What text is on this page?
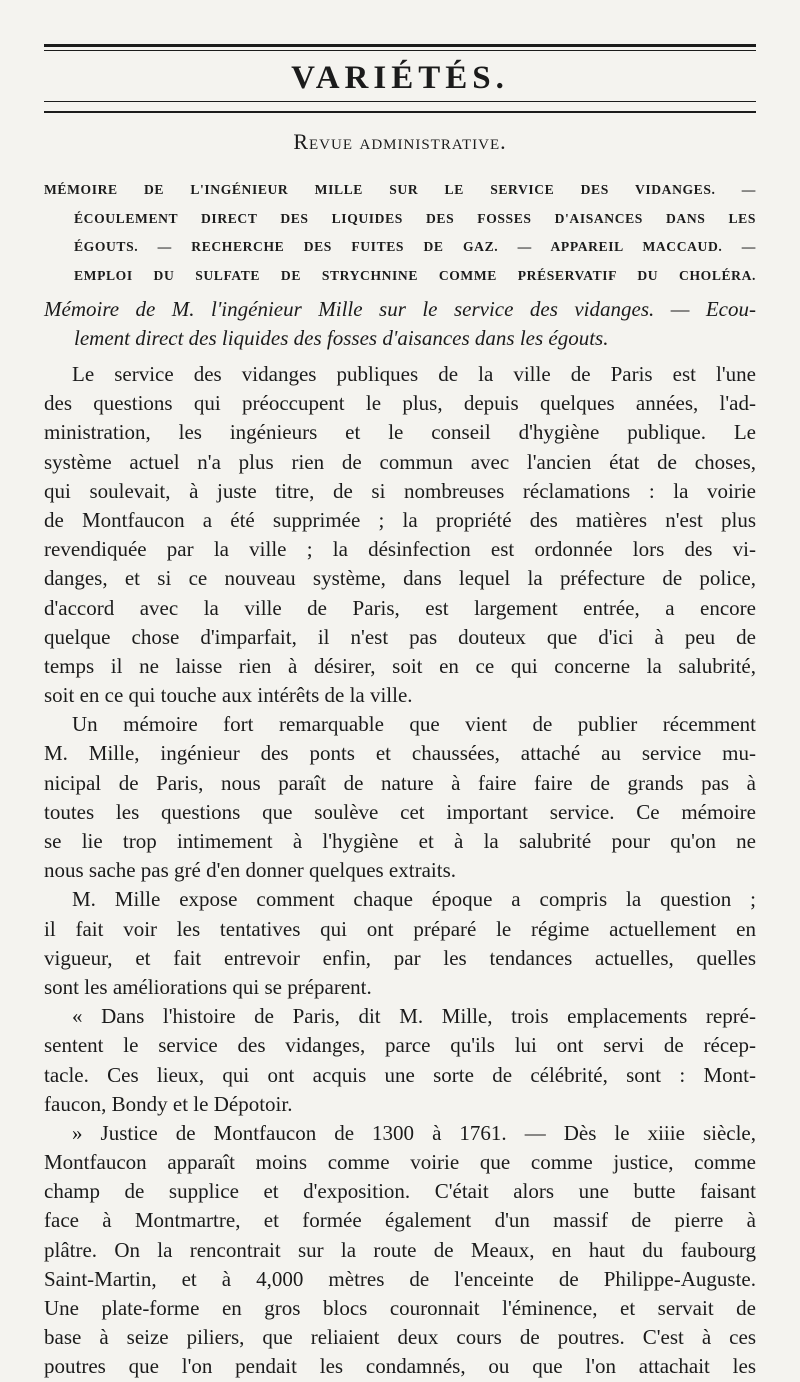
VARIÉTÉS.
Revue administrative.
MÉMOIRE DE L'INGÉNIEUR MILLE SUR LE SERVICE DES VIDANGES. —
ÉCOULEMENT DIRECT DES LIQUIDES DES FOSSES D'AISANCES DANS LES
ÉGOUTS. — RECHERCHE DES FUITES DE GAZ. — APPAREIL MACCAUD. —
EMPLOI DU SULFATE DE STRYCHNINE COMME PRÉSERVATIF DU CHOLÉRA.
Mémoire de M. l'ingénieur Mille sur le service des vidanges. — Ecou-
lement direct des liquides des fosses d'aisances dans les égouts.
Le service des vidanges publiques de la ville de Paris est l'une
des questions qui préoccupent le plus, depuis quelques années, l'ad-
ministration, les ingénieurs et le conseil d'hygiène publique. Le
système actuel n'a plus rien de commun avec l'ancien état de choses,
qui soulevait, à juste titre, de si nombreuses réclamations : la voirie
de Montfaucon a été supprimée ; la propriété des matières n'est plus
revendiquée par la ville ; la désinfection est ordonnée lors des vi-
danges, et si ce nouveau système, dans lequel la préfecture de police,
d'accord avec la ville de Paris, est largement entrée, a encore
quelque chose d'imparfait, il n'est pas douteux que d'ici à peu de
temps il ne laisse rien à désirer, soit en ce qui concerne la salubrité,
soit en ce qui touche aux intérêts de la ville.
Un mémoire fort remarquable que vient de publier récemment
M. Mille, ingénieur des ponts et chaussées, attaché au service mu-
nicipal de Paris, nous paraît de nature à faire faire de grands pas à
toutes les questions que soulève cet important service. Ce mémoire
se lie trop intimement à l'hygiène et à la salubrité pour qu'on ne
nous sache pas gré d'en donner quelques extraits.
M. Mille expose comment chaque époque a compris la question ;
il fait voir les tentatives qui ont préparé le régime actuellement en
vigueur, et fait entrevoir enfin, par les tendances actuelles, quelles
sont les améliorations qui se préparent.
« Dans l'histoire de Paris, dit M. Mille, trois emplacements repré-
sentent le service des vidanges, parce qu'ils lui ont servi de récep-
tacle. Ces lieux, qui ont acquis une sorte de célébrité, sont : Mont-
faucon, Bondy et le Dépotoir.
» Justice de Montfaucon de 1300 à 1761. — Dès le xiiie siècle,
Montfaucon apparaît moins comme voirie que comme justice, comme
champ de supplice et d'exposition. C'était alors une butte faisant
face à Montmartre, et formée également d'un massif de pierre à
plâtre. On la rencontrait sur la route de Meaux, en haut du faubourg
Saint-Martin, et à 4,000 mètres de l'enceinte de Philippe-Auguste.
Une plate-forme en gros blocs couronnait l'éminence, et servait de
base à seize piliers, que reliaient deux cours de poutres. C'est à ces
poutres que l'on pendait les condamnés, ou que l'on attachait les
